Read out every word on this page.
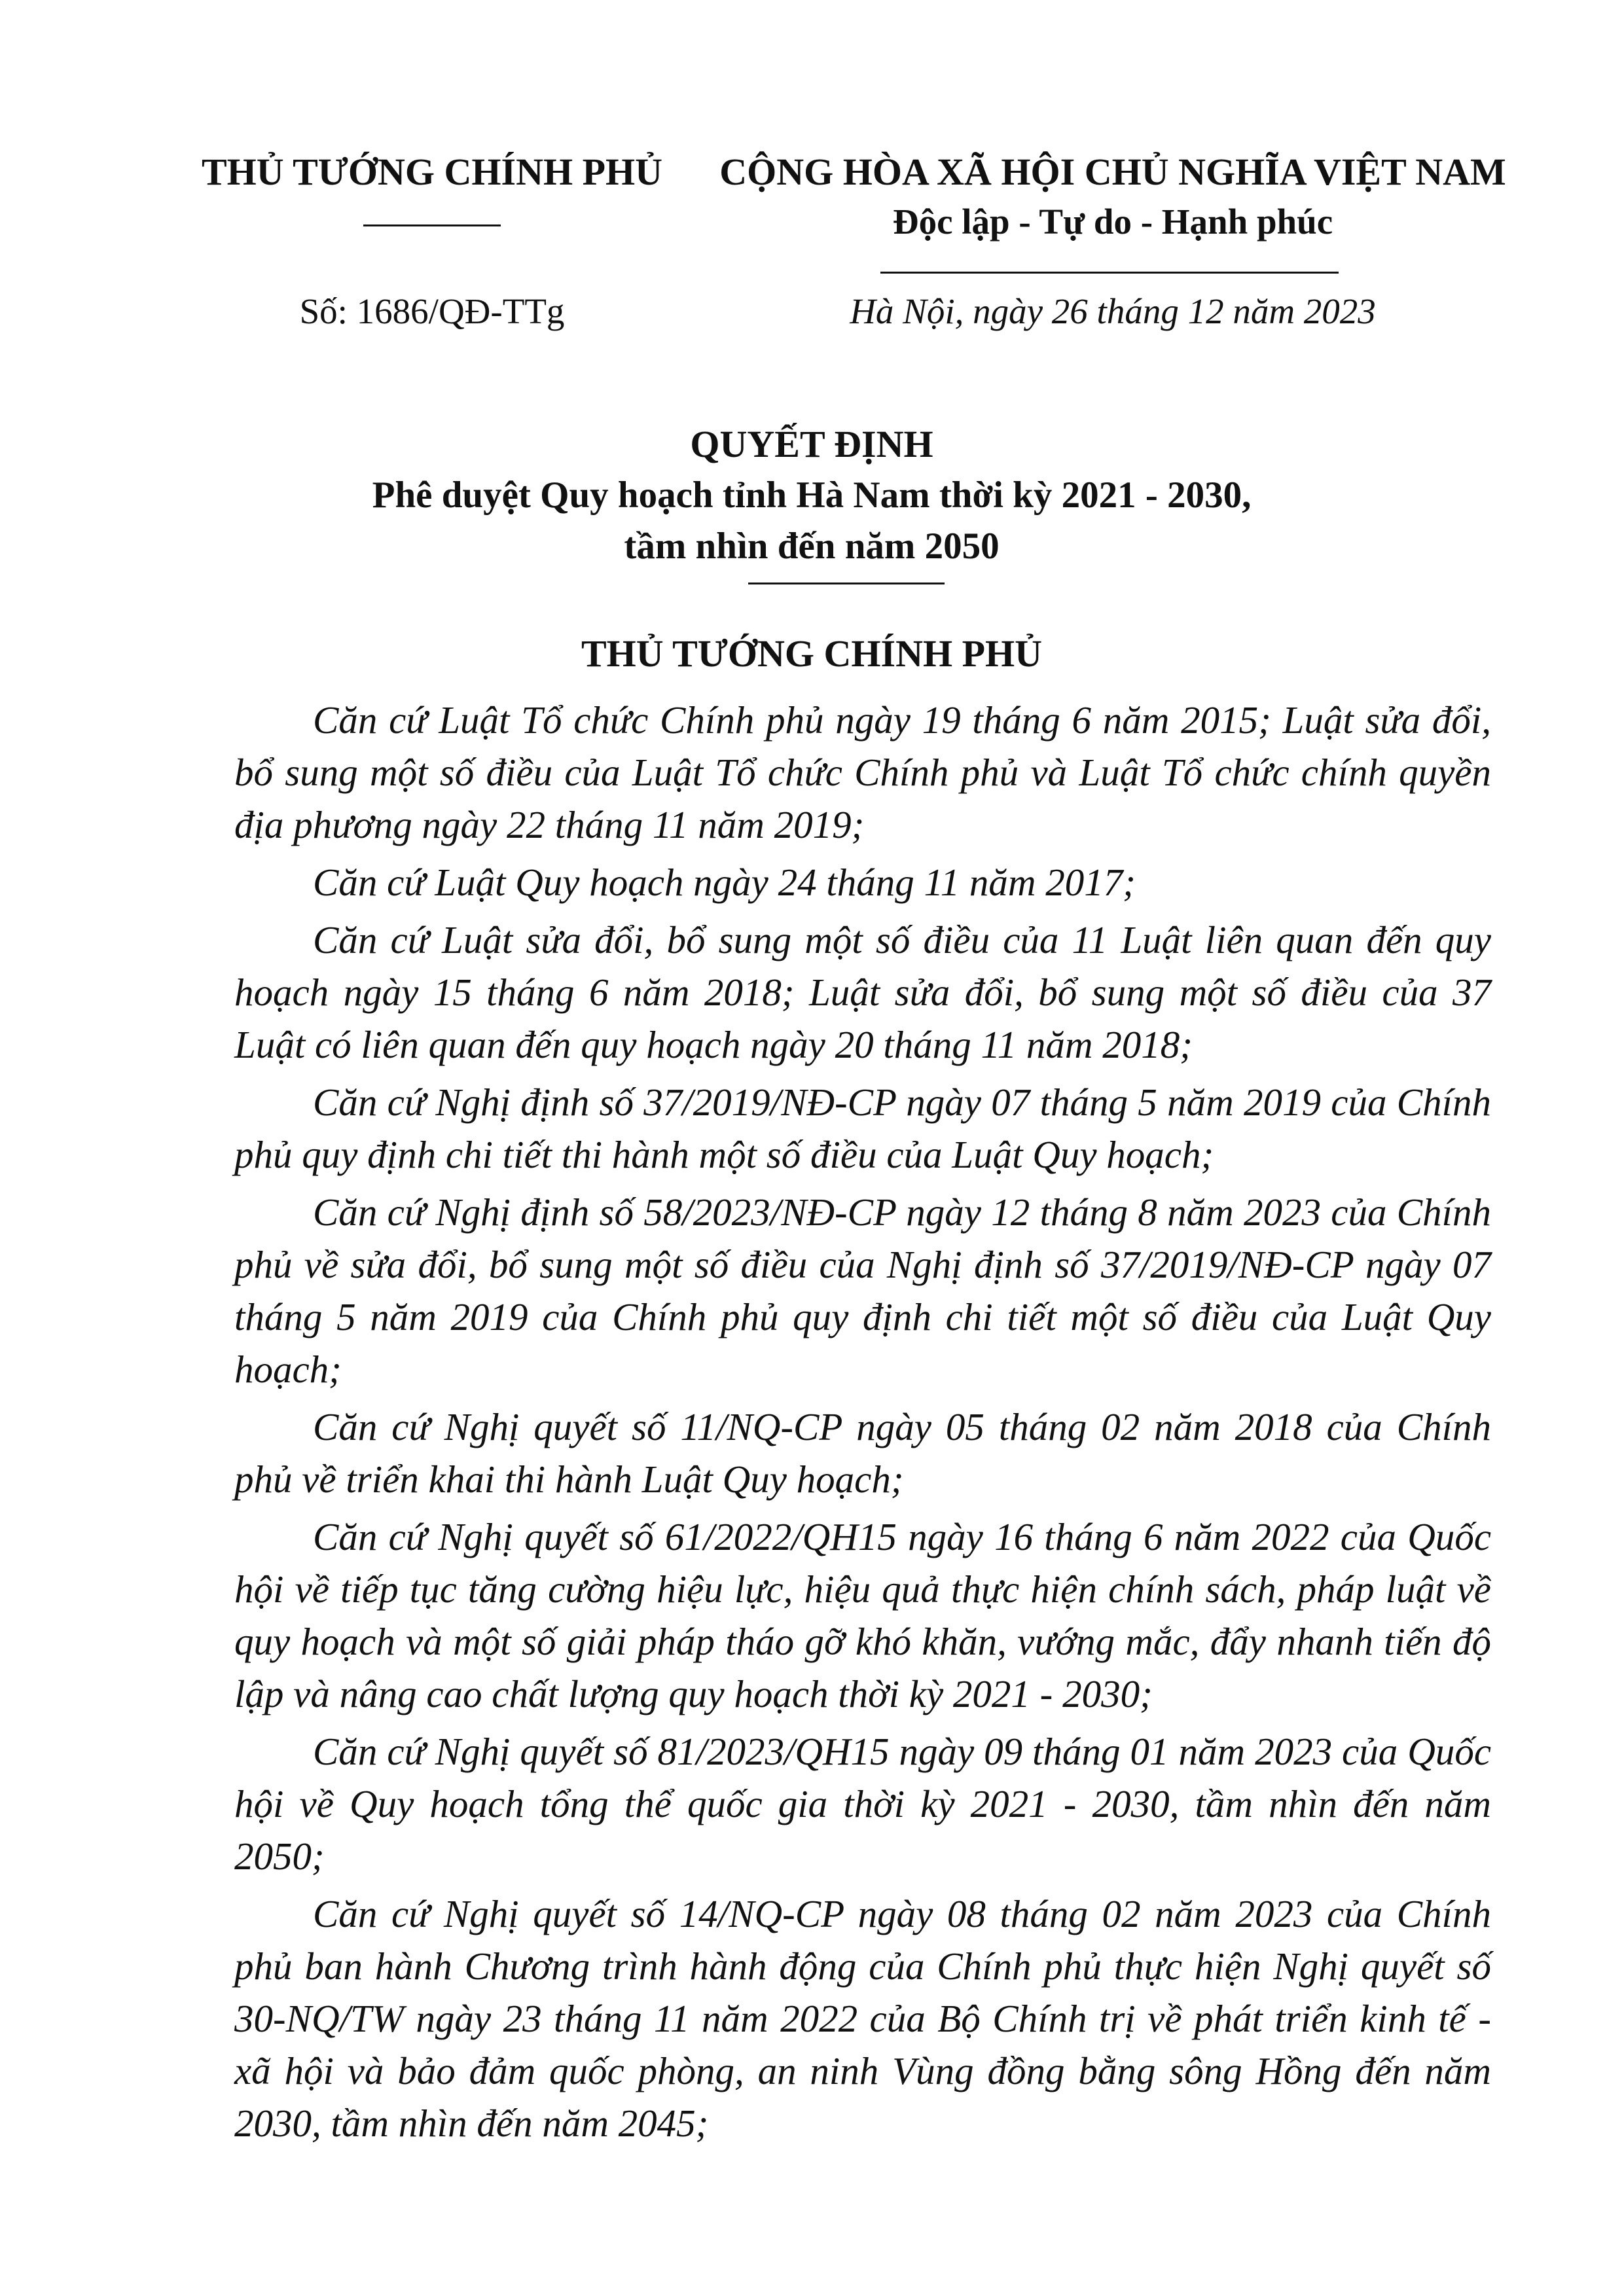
THỦ TƯỚNG CHÍNH PHỦ	CỘNG HÒA XÃ HỘI CHỦ NGHĨA VIỆT NAM
Độc lập - Tự do - Hạnh phúc
Số: 1686/QĐ-TTg	Hà Nội, ngày 26 tháng 12 năm 2023
QUYẾT ĐỊNH
Phê duyệt Quy hoạch tỉnh Hà Nam thời kỳ 2021 - 2030,
tầm nhìn đến năm 2050
THỦ TƯỚNG CHÍNH PHỦ

Căn cứ Luật Tổ chức Chính phủ ngày 19 tháng 6 năm 2015; Luật sửa đổi, bổ sung một số điều của Luật Tổ chức Chính phủ và Luật Tổ chức chính quyền địa phương ngày 22 tháng 11 năm 2019;

Căn cứ Luật Quy hoạch ngày 24 tháng 11 năm 2017;

Căn cứ Luật sửa đổi, bổ sung một số điều của 11 Luật liên quan đến quy hoạch ngày 15 tháng 6 năm 2018; Luật sửa đổi, bổ sung một số điều của 37 Luật có liên quan đến quy hoạch ngày 20 tháng 11 năm 2018;

Căn cứ Nghị định số 37/2019/NĐ-CP ngày 07 tháng 5 năm 2019 của Chính phủ quy định chi tiết thi hành một số điều của Luật Quy hoạch;

Căn cứ Nghị định số 58/2023/NĐ-CP ngày 12 tháng 8 năm 2023 của Chính phủ về sửa đổi, bổ sung một số điều của Nghị định số 37/2019/NĐ-CP ngày 07 tháng 5 năm 2019 của Chính phủ quy định chi tiết một số điều của Luật Quy hoạch;

Căn cứ Nghị quyết số 11/NQ-CP ngày 05 tháng 02 năm 2018 của Chính phủ về triển khai thi hành Luật Quy hoạch;

Căn cứ Nghị quyết số 61/2022/QH15 ngày 16 tháng 6 năm 2022 của Quốc hội về tiếp tục tăng cường hiệu lực, hiệu quả thực hiện chính sách, pháp luật về quy hoạch và một số giải pháp tháo gỡ khó khăn, vướng mắc, đẩy nhanh tiến độ lập và nâng cao chất lượng quy hoạch thời kỳ 2021 - 2030;

Căn cứ Nghị quyết số 81/2023/QH15 ngày 09 tháng 01 năm 2023 của Quốc hội về Quy hoạch tổng thể quốc gia thời kỳ 2021 - 2030, tầm nhìn đến năm 2050;

Căn cứ Nghị quyết số 14/NQ-CP ngày 08 tháng 02 năm 2023 của Chính phủ ban hành Chương trình hành động của Chính phủ thực hiện Nghị quyết số 30-NQ/TW ngày 23 tháng 11 năm 2022 của Bộ Chính trị về phát triển kinh tế - xã hội và bảo đảm quốc phòng, an ninh Vùng đồng bằng sông Hồng đến năm 2030, tầm nhìn đến năm 2045;
